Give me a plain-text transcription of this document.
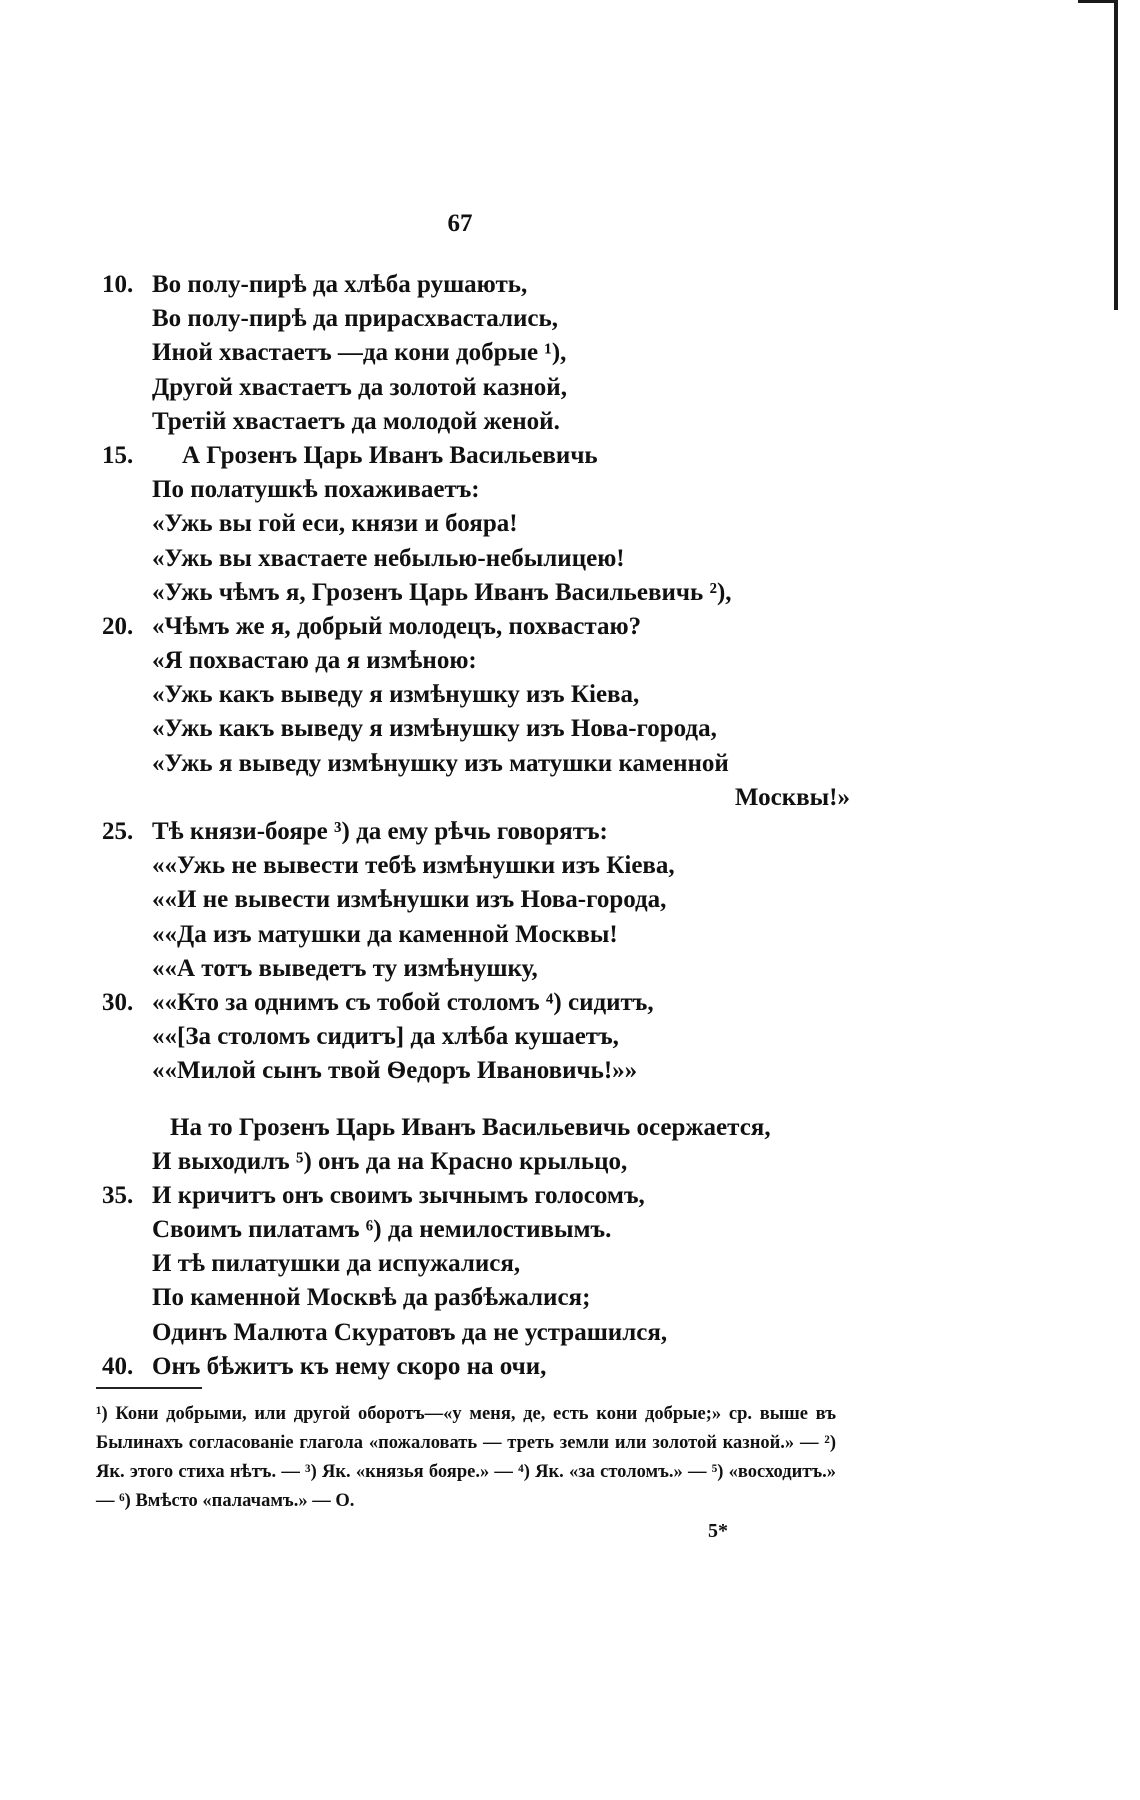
67
10. Во полу-пирѣ да хлѣба рушають,
Во полу-пирѣ да прирасхвастались,
Иной хвастаетъ —да кони добрые ¹),
Другой хвастаетъ да золотой казной,
Третій хвастаетъ да молодой женой.
15. А Грозенъ Царь Иванъ Васильевичь
По полатушкѣ похаживаетъ:
«Ужь вы гой еси, князи и бояра!
«Ужь вы хвастаете небылью-небылицею!
«Ужь чѣмъ я, Грозенъ Царь Иванъ Васильевичь ²),
20. «Чѣмъ же я, добрый молодецъ, похвастаю?
«Я похвастаю да я измѣною:
«Ужь какъ выведу я измѣнушку изъ Кіева,
«Ужь какъ выведу я измѣнушку изъ Нова-города,
«Ужь я выведу измѣнушку изъ матушки каменной
Москвы!»
25. Тѣ князи-бояре ³) да ему рѣчь говорятъ:
««Ужь не вывести тебѣ измѣнушки изъ Кіева,
««И не вывести измѣнушки изъ Нова-города,
««Да изъ матушки да каменной Москвы!
««А тотъ выведетъ ту измѣнушку,
30. ««Кто за однимъ съ тобой столомъ ⁴) сидитъ,
««[За столомъ сидитъ] да хлѣба кушаетъ,
««Милой сынъ твой Ѳедоръ Ивановичь!»»
На то Грозенъ Царь Иванъ Васильевичь осержается,
И выходилъ ⁵) онъ да на Красно крыльцо,
35. И кричитъ онъ своимъ зычнымъ голосомъ,
Своимъ пилатамъ ⁶) да немилостивымъ.
И тѣ пилатушки да испужалися,
По каменной Москвѣ да разбѣжалися;
Одинъ Малюта Скуратовъ да не устрашился,
40. Онъ бѣжитъ къ нему скоро на очи,

¹) Кони добрыми, или другой оборотъ—«у меня, де, есть кони добрые;» ср. выше въ Былинахъ согласованіе глагола «пожаловать — треть земли или золотой казной.» — ²) Як. этого стиха нѣтъ. — ³) Як. «князья бояре.» — ⁴) Як. «за столомъ.» — ⁵) «восходитъ.» — ⁶) Вмѣсто «палачамъ.» — О.

5*
